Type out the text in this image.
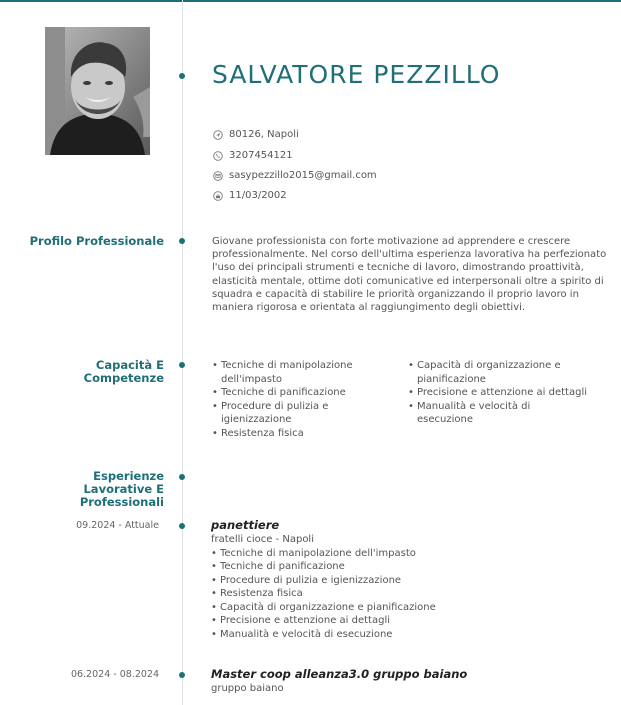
SALVATORE PEZZILLO
80126, Napoli
3207454121
sasypezzillo2015@gmail.com
11/03/2002
Profilo Professionale	Giovane professionista con forte motivazione ad apprendere e crescere professionalmente. Nel corso dell'ultima esperienza lavorativa ha perfezionato l'uso dei principali strumenti e tecniche di lavoro, dimostrando proattività, elasticità mentale, ottime doti comunicative ed interpersonali oltre a spirito di squadra e capacità di stabilire le priorità organizzando il proprio lavoro in maniera rigorosa e orientata al raggiungimento degli obiettivi.
Capacità E
Competenze
• Tecniche di manipolazione dell'impasto
• Tecniche di panificazione
• Procedure di pulizia e igienizzazione
• Resistenza fisica
• Capacità di organizzazione e pianificazione
• Precisione e attenzione ai dettagli
• Manualità e velocità di esecuzione
Esperienze
Lavorative E
Professionali
09.2024 - Attuale	panettiere
fratelli cioce - Napoli
• Tecniche di manipolazione dell'impasto
• Tecniche di panificazione
• Procedure di pulizia e igienizzazione
• Resistenza fisica
• Capacità di organizzazione e pianificazione
• Precisione e attenzione ai dettagli
• Manualità e velocità di esecuzione
06.2024 - 08.2024	Master coop alleanza3.0 gruppo baiano
gruppo baiano
